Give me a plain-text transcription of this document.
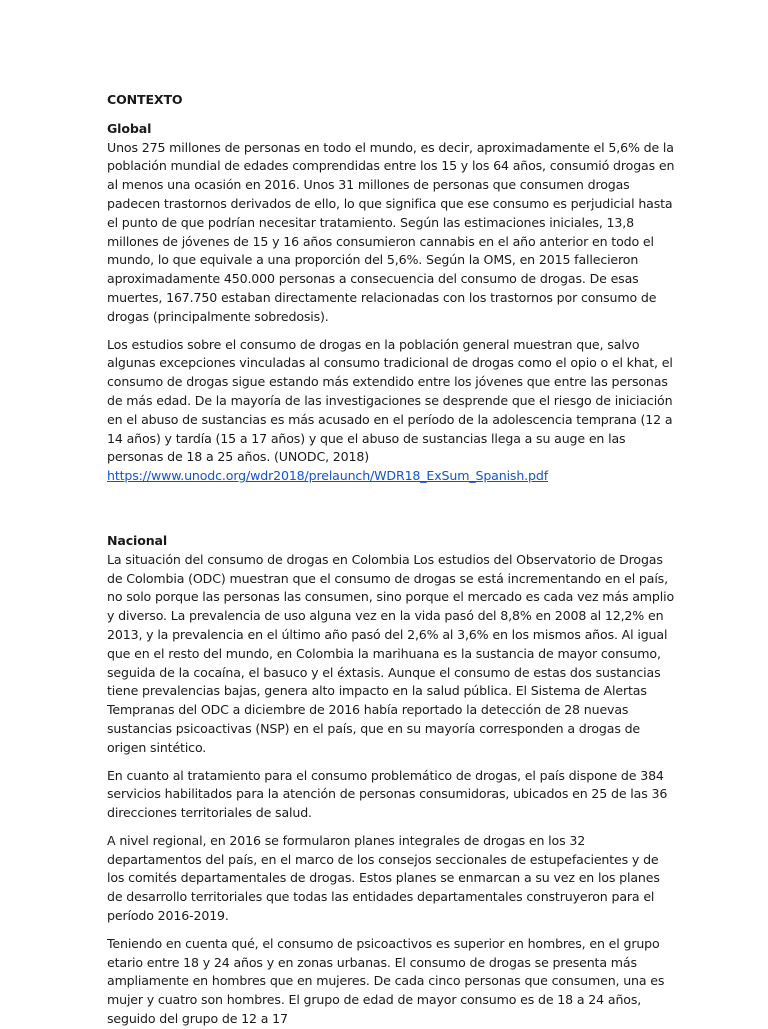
CONTEXTO
Global

Unos 275 millones de personas en todo el mundo, es decir, aproximadamente el 5,6% de la población mundial de edades comprendidas entre los 15 y los 64 años, consumió drogas en al menos una ocasión en 2016. Unos 31 millones de personas que consumen drogas padecen trastornos derivados de ello, lo que significa que ese consumo es perjudicial hasta el punto de que podrían necesitar tratamiento. Según las estimaciones iniciales, 13,8 millones de jóvenes de 15 y 16 años consumieron cannabis en el año anterior en todo el mundo, lo que equivale a una proporción del 5,6%. Según la OMS, en 2015 fallecieron aproximadamente 450.000 personas a consecuencia del consumo de drogas. De esas muertes, 167.750 estaban directamente relacionadas con los trastornos por consumo de drogas (principalmente sobredosis).

Los estudios sobre el consumo de drogas en la población general muestran que, salvo algunas excepciones vinculadas al consumo tradicional de drogas como el opio o el khat, el consumo de drogas sigue estando más extendido entre los jóvenes que entre las personas de más edad. De la mayoría de las investigaciones se desprende que el riesgo de iniciación en el abuso de sustancias es más acusado en el período de la adolescencia temprana (12 a 14 años) y tardía (15 a 17 años) y que el abuso de sustancias llega a su auge en las personas de 18 a 25 años. (UNODC, 2018) https://www.unodc.org/wdr2018/prelaunch/WDR18_ExSum_Spanish.pdf

Nacional

La situación del consumo de drogas en Colombia Los estudios del Observatorio de Drogas de Colombia (ODC) muestran que el consumo de drogas se está incrementando en el país, no solo porque las personas las consumen, sino porque el mercado es cada vez más amplio y diverso. La prevalencia de uso alguna vez en la vida pasó del 8,8% en 2008 al 12,2% en 2013, y la prevalencia en el último año pasó del 2,6% al 3,6% en los mismos años. Al igual que en el resto del mundo, en Colombia la marihuana es la sustancia de mayor consumo, seguida de la cocaína, el basuco y el éxtasis. Aunque el consumo de estas dos sustancias tiene prevalencias bajas, genera alto impacto en la salud pública. El Sistema de Alertas Tempranas del ODC a diciembre de 2016 había reportado la detección de 28 nuevas sustancias psicoactivas (NSP) en el país, que en su mayoría corresponden a drogas de origen sintético.

En cuanto al tratamiento para el consumo problemático de drogas, el país dispone de 384 servicios habilitados para la atención de personas consumidoras, ubicados en 25 de las 36 direcciones territoriales de salud.

A nivel regional, en 2016 se formularon planes integrales de drogas en los 32 departamentos del país, en el marco de los consejos seccionales de estupefacientes y de los comités departamentales de drogas. Estos planes se enmarcan a su vez en los planes de desarrollo territoriales que todas las entidades departamentales construyeron para el período 2016-2019.

Teniendo en cuenta qué, el consumo de psicoactivos es superior en hombres, en el grupo etario entre 18 y 24 años y en zonas urbanas. El consumo de drogas se presenta más ampliamente en hombres que en mujeres. De cada cinco personas que consumen, una es mujer y cuatro son hombres. El grupo de edad de mayor consumo es de 18 a 24 años, seguido del grupo de 12 a 17
